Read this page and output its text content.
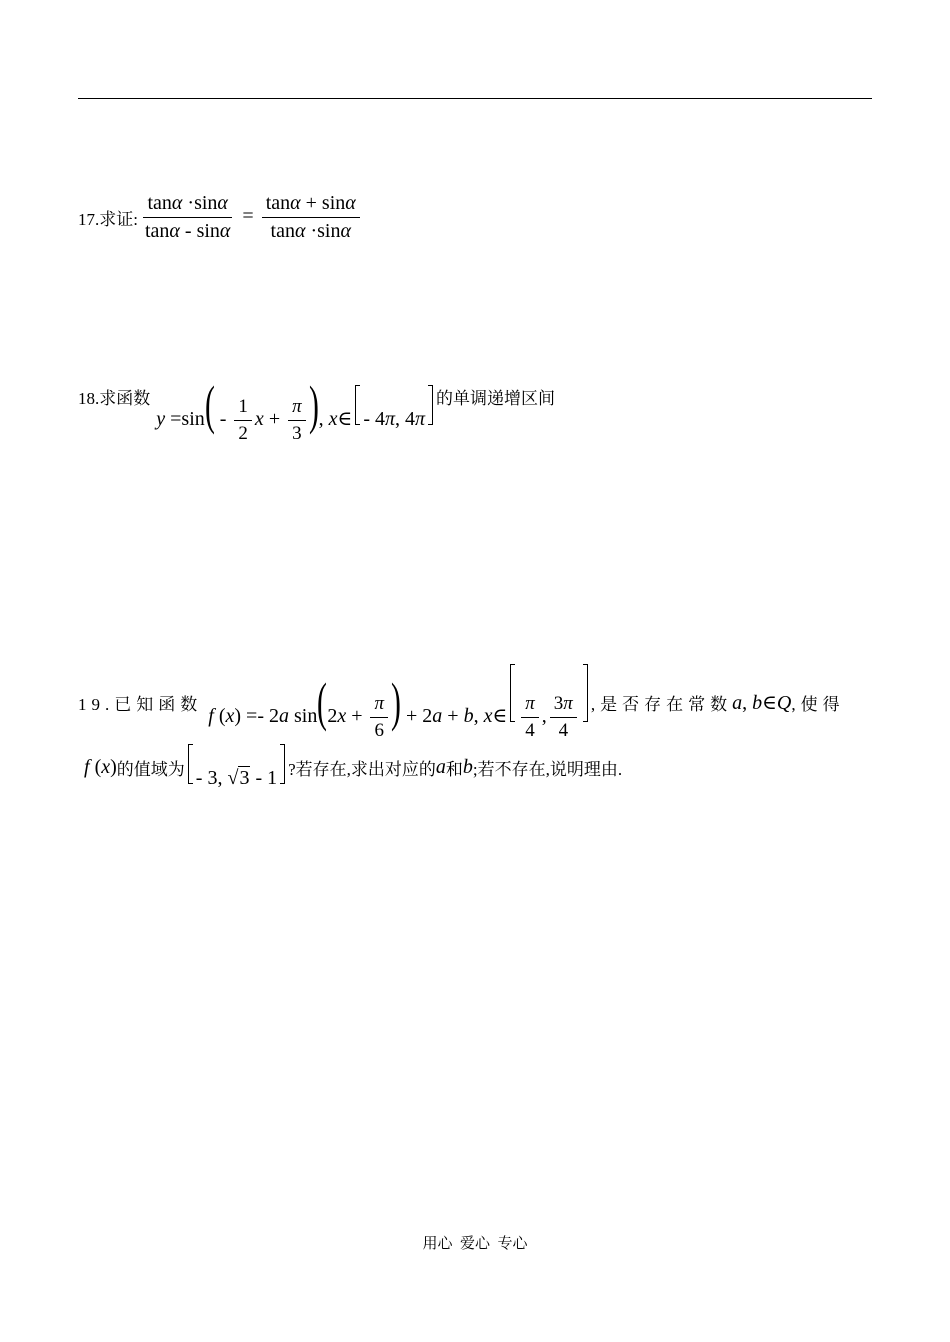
17.求证: $\frac{\tan\alpha \cdot\sin\alpha}{\tan\alpha - \sin\alpha} = \frac{\tan\alpha + \sin\alpha}{\tan\alpha \cdot\sin\alpha}$
18.求函数
$y =\sin( - \frac{1}{2}$ $x + \frac{\pi}{3}$ ), x∈ - 4π, 4π
的单调递增区间
19.已知函数
f (x) =- 2a $\sin(2x + \frac{\pi}{6}$ ) + 2a + b, x∈ $\frac{\pi}{4}$ , $\frac{3\pi}{4}$ ,是否存在常数 a, b∈Q ,使得
f (x) 的值域为 - 3, √ 3 - 1 ?若存在,求出对应的 a 和 b ;若不存在,说明理由.
用心  爱心  专心
